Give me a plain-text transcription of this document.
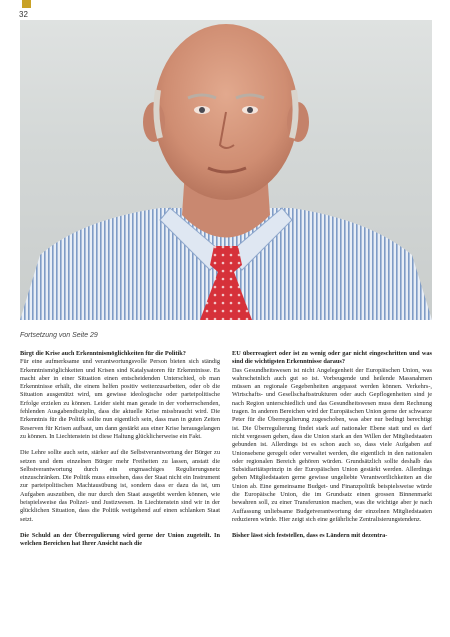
32
Fortsetzung von Seite 29

Birgt die Krise auch Erkenntnismöglichkeiten für die Politik?

Für eine aufmerksame und verantwortungsvolle Person bieten sich ständig Erkenntnismöglichkeiten und Krisen sind Katalysatoren für Erkenntnisse. Es macht aber in einer Situation einen entscheidenden Unterschied, ob man Erkenntnisse erhält, die einem helfen positiv weiterzusarbeiten, oder ob die Situation ausgenützt wird, um gewisse ideologische oder parteipolitische Erfolge erzielen zu können. Leider sieht man gerade in der vorherrschenden, fehlenden Ausgabendisziplin, dass die aktuelle Krise missbraucht wird. Die Erkenntnis für die Politik sollte nun eigentlich sein, dass man in guten Zeiten Reserven für Krisen aufbaut, um dann gestärkt aus einer Krise herausgelangen zu können. In Liechtenstein ist diese Haltung glücklicherweise ein Fakt.

Die Lehre sollte auch sein, stärker auf die Selbstverantwortung der Bürger zu setzen und dem einzelnen Bürger mehr Freiheiten zu lassen, anstatt die Selbstverantwortung durch ein engmaschiges Regulierungsnetz einzuschränken. Die Politik muss einsehen, dass der Staat nicht ein Instrument zur parteipolitischen Machtausübung ist, sondern dass er dazu da ist, um Aufgaben auszuüben, die nur durch den Staat ausgeübt werden können, wie beispielsweise das Polizei- und Justizwesen. In Liechtenstein sind wir in der glücklichen Situation, dass die Politik weitgehend auf einen schlanken Staat setzt.

Die Schuld an der Überregulierung wird gerne der Union zugeteilt. In welchen Bereichen hat Ihrer Ansicht nach die

EU überreagiert oder ist zu wenig oder gar nicht eingeschritten und was sind die wichtigsten Erkenntnisse daraus?

Das Gesundheitswesen ist nicht Angelegenheit der Europäischen Union, was wahrscheinlich auch gut so ist. Vorbeugende und heilende Massnahmen müssen an regionale Gegebenheiten angepasst werden können. Verkehrs-, Wirtschafts- und Gesellschaftsstrukturen oder auch Gepflogenheiten sind je nach Region unterschiedlich und das Gesundheitswesen muss dem Rechnung tragen. In anderen Bereichen wird der Europäischen Union gerne der schwarze Peter für die Überregulierung zugeschoben, was aber nur bedingt berechtigt ist. Die Überregulierung findet stark auf nationaler Ebene statt und es darf nicht vergessen gehen, dass die Union stark an den Willen der Mitgliedstaaten gebunden ist. Allerdings ist es schon auch so, dass viele Aufgaben auf Unionsebene geregelt oder verwaltet werden, die eigentlich in den nationalen oder regionalen Bereich gehören würden. Grundsätzlich sollte deshalb das Subsidiaritätsprinzip in der Europäischen Union gestärkt werden. Allerdings geben Mitgliedstaaten gerne gewisse ungeliebte Verantwortlichkeiten an die Union ab. Eine gemeinsame Budget- und Finanzpolitik beispielsweise würde die Europäische Union, die im Grundsatz einen grossen Binnenmarkt bewahren soll, zu einer Transferunion machen, was die wichtige aber je nach Auffassung unliebsame Budgetverantwortung der einzelnen Mitgliedstaaten reduzieren würde. Hier zeigt sich eine gefährliche Zentralisierungstendenz.

Bisher lässt sich feststellen, dass es Ländern mit dezentra-
